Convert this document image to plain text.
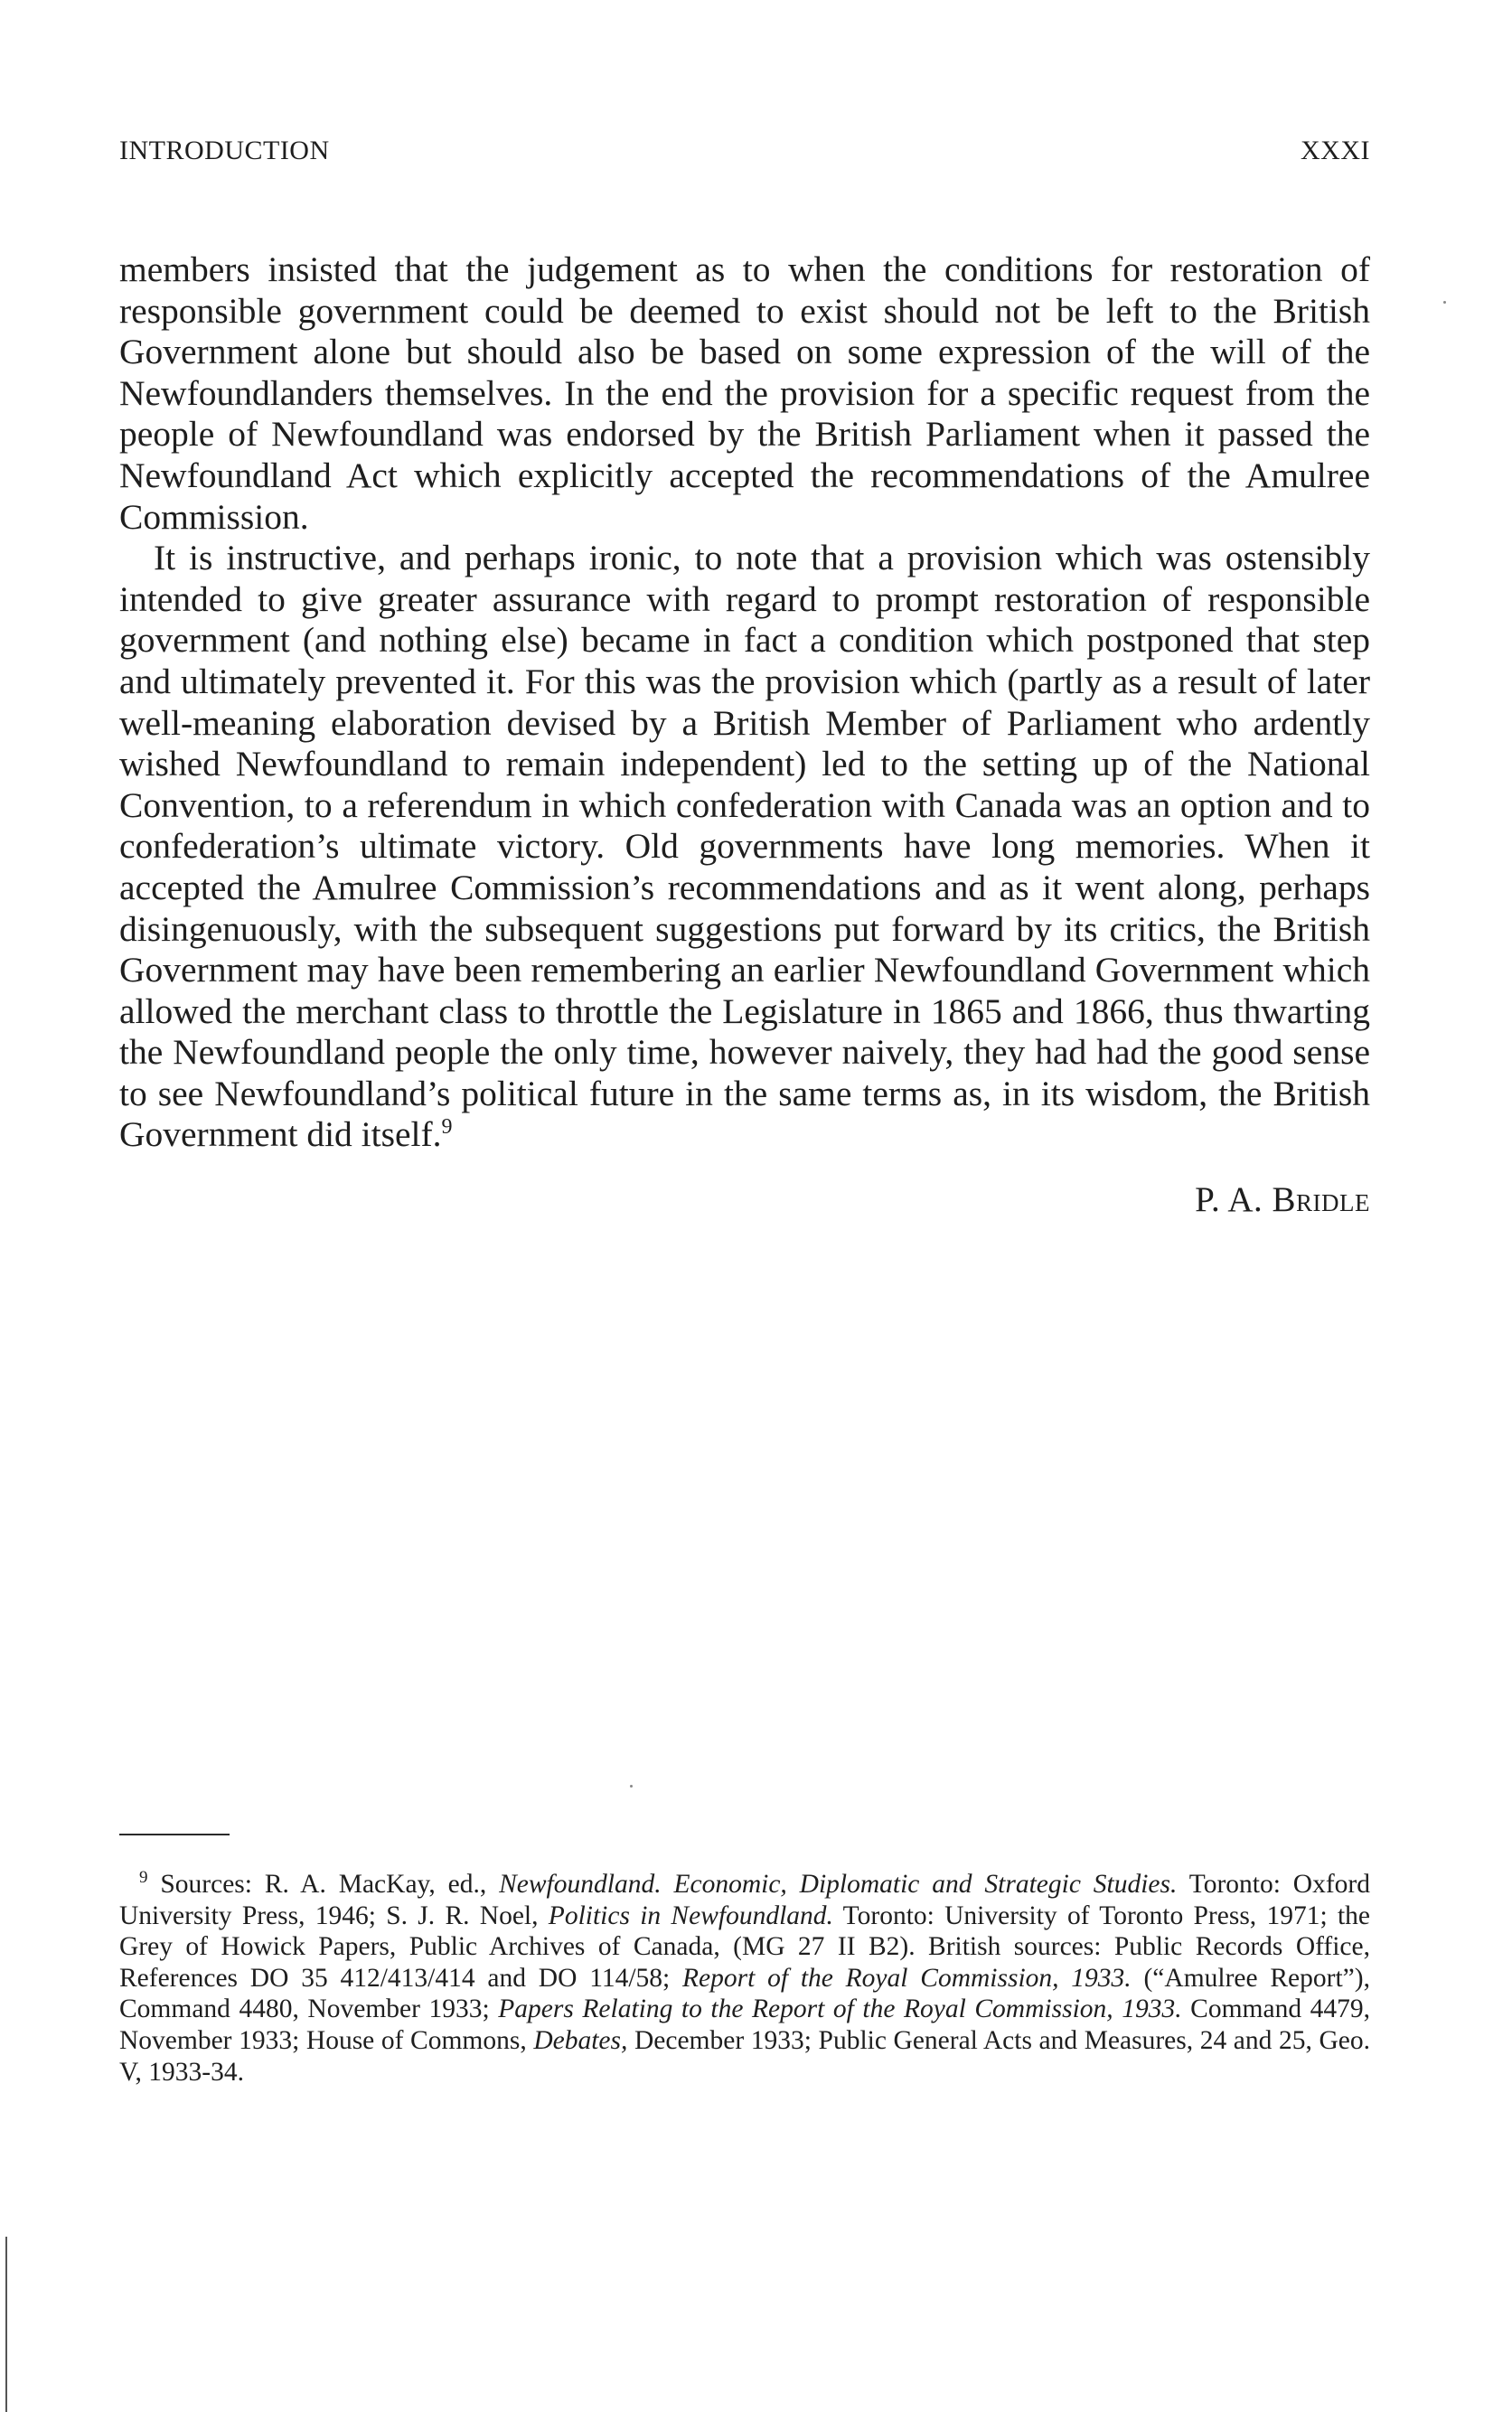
INTRODUCTION	XXXI

members insisted that the judgement as to when the conditions for restoration of responsible government could be deemed to exist should not be left to the British Government alone but should also be based on some expression of the will of the Newfoundlanders themselves. In the end the provision for a specific request from the people of Newfoundland was endorsed by the British Parliament when it passed the Newfoundland Act which explicitly accepted the recommendations of the Amulree Commission.

It is instructive, and perhaps ironic, to note that a provision which was ostensibly intended to give greater assurance with regard to prompt restoration of responsible government (and nothing else) became in fact a condition which postponed that step and ultimately prevented it. For this was the provision which (partly as a result of later well-meaning elaboration devised by a British Member of Parliament who ardently wished Newfoundland to remain independent) led to the setting up of the National Convention, to a referendum in which confederation with Canada was an option and to confederation’s ultimate victory. Old governments have long memories. When it accepted the Amulree Commission’s recommendations and as it went along, perhaps disingenuously, with the subsequent suggestions put forward by its critics, the British Government may have been remembering an earlier Newfoundland Government which allowed the merchant class to throttle the Legislature in 1865 and 1866, thus thwarting the Newfoundland people the only time, however naively, they had had the good sense to see Newfoundland’s political future in the same terms as, in its wisdom, the British Government did itself.$^9$

P. A. Bridle

$^9$ Sources: R. A. MacKay, ed., Newfoundland. Economic, Diplomatic and Strategic Studies. Toronto: Oxford University Press, 1946; S. J. R. Noel, Politics in Newfoundland. Toronto: University of Toronto Press, 1971; the Grey of Howick Papers, Public Archives of Canada, (MG 27 II B2). British sources: Public Records Office, References DO 35 412/413/414 and DO 114/58; Report of the Royal Commission, 1933. (“Amulree Report”), Command 4480, November 1933; Papers Relating to the Report of the Royal Commission, 1933. Command 4479, November 1933; House of Commons, Debates, December 1933; Public General Acts and Measures, 24 and 25, Geo. V, 1933-34.
